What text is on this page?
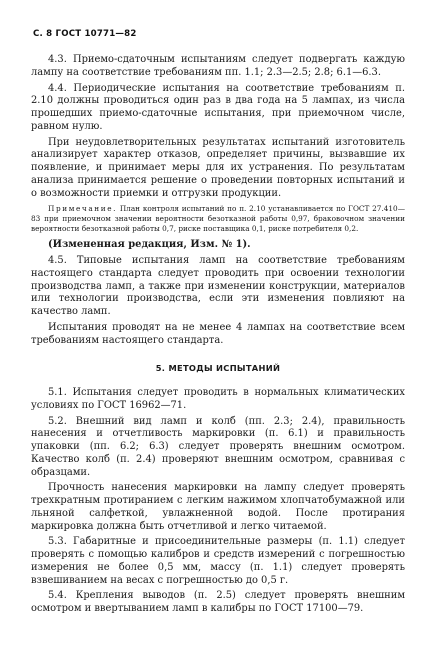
С. 8 ГОСТ 10771—82

4.3. Приемо-сдаточным испытаниям следует подвергать каждую лампу на соответствие требованиям пп. 1.1; 2.3—2.5; 2.8; 6.1—6.3.

4.4. Периодические испытания на соответствие требованиям п. 2.10 должны проводиться один раз в два года на 5 лампах, из числа прошедших приемо-сдаточные испытания, при приемочном числе, равном нулю.

При неудовлетворительных результатах испытаний изготовитель анализирует характер отказов, определяет причины, вызвавшие их появление, и принимает меры для их устранения. По результатам анализа принимается решение о проведении повторных испытаний и о возможности приемки и отгрузки продукции.

Примечание. План контроля испытаний по п. 2.10 устанавливается по ГОСТ 27.410—83 при приемочном значении вероятности безотказной работы 0,97, браковочном значении вероятности безотказной работы 0,7, риске поставщика 0,1, риске потребителя 0,2.

(Измененная редакция, Изм. № 1).

4.5. Типовые испытания ламп на соответствие требованиям настоящего стандарта следует проводить при освоении технологии производства ламп, а также при изменении конструкции, материалов или технологии производства, если эти изменения повлияют на качество ламп.

Испытания проводят на не менее 4 лампах на соответствие всем требованиям настоящего стандарта.

5. МЕТОДЫ ИСПЫТАНИЙ

5.1. Испытания следует проводить в нормальных климатических условиях по ГОСТ 16962—71.

5.2. Внешний вид ламп и колб (пп. 2.3; 2.4), правильность нанесения и отчетливость маркировки (п. 6.1) и правильность упаковки (пп. 6.2; 6.3) следует проверять внешним осмотром. Качество колб (п. 2.4) проверяют внешним осмотром, сравнивая с образцами.

Прочность нанесения маркировки на лампу следует проверять трехкратным протиранием с легким нажимом хлопчатобумажной или льняной салфеткой, увлажненной водой. После протирания маркировка должна быть отчетливой и легко читаемой.

5.3. Габаритные и присоединительные размеры (п. 1.1) следует проверять с помощью калибров и средств измерений с погрешностью измерения не более 0,5 мм, массу (п. 1.1) следует проверять взвешиванием на весах с погрешностью до 0,5 г.

5.4. Крепления выводов (п. 2.5) следует проверять внешним осмотром и ввертыванием ламп в калибры по ГОСТ 17100—79.
